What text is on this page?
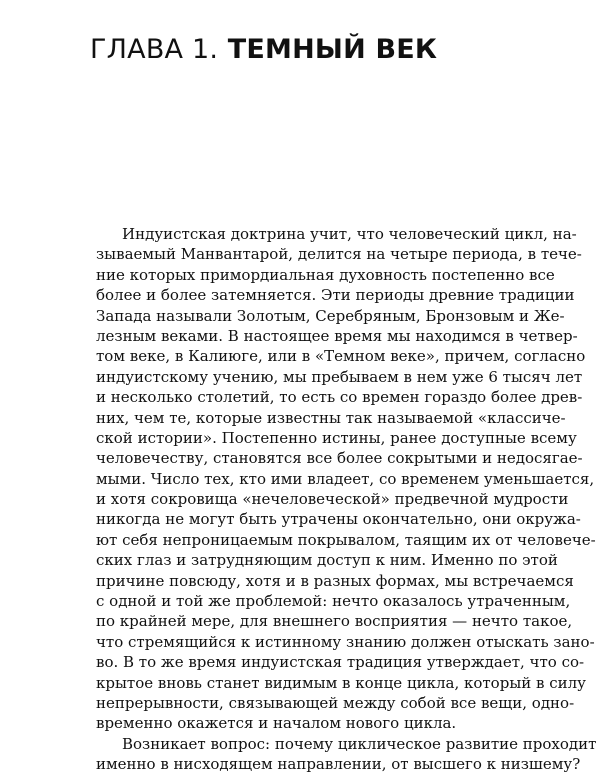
ГЛАВА 1. ТЕМНЫЙ ВЕК
Индуистская доктрина учит, что человеческий цикл, на-
зываемый Манвантарой, делится на четыре периода, в тече-
ние которых примордиальная духовность постепенно все
более и более затемняется. Эти периоды древние традиции
Запада называли Золотым, Серебряным, Бронзовым и Же-
лезным веками. В настоящее время мы находимся в четвер-
том веке, в Калиюге, или в «Темном веке», причем, согласно
индуистскому учению, мы пребываем в нем уже 6 тысяч лет
и несколько столетий, то есть со времен гораздо более древ-
них, чем те, которые известны так называемой «классиче-
ской истории». Постепенно истины, ранее доступные всему
человечеству, становятся все более сокрытыми и недосягае-
мыми. Число тех, кто ими владеет, со временем уменьшается,
и хотя сокровища «нечеловеческой» предвечной мудрости
никогда не могут быть утрачены окончательно, они окружа-
ют себя непроницаемым покрывалом, таящим их от человече-
ских глаз и затрудняющим доступ к ним. Именно по этой
причине повсюду, хотя и в разных формах, мы встречаемся
с одной и той же проблемой: нечто оказалось утраченным,
по крайней мере, для внешнего восприятия — нечто такое,
что стремящийся к истинному знанию должен отыскать зано-
во. В то же время индуистская традиция утверждает, что со-
крытое вновь станет видимым в конце цикла, который в силу
непрерывности, связывающей между собой все вещи, одно-
временно окажется и началом нового цикла.
Возникает вопрос: почему циклическое развитие проходит
именно в нисходящем направлении, от высшего к низшему?
